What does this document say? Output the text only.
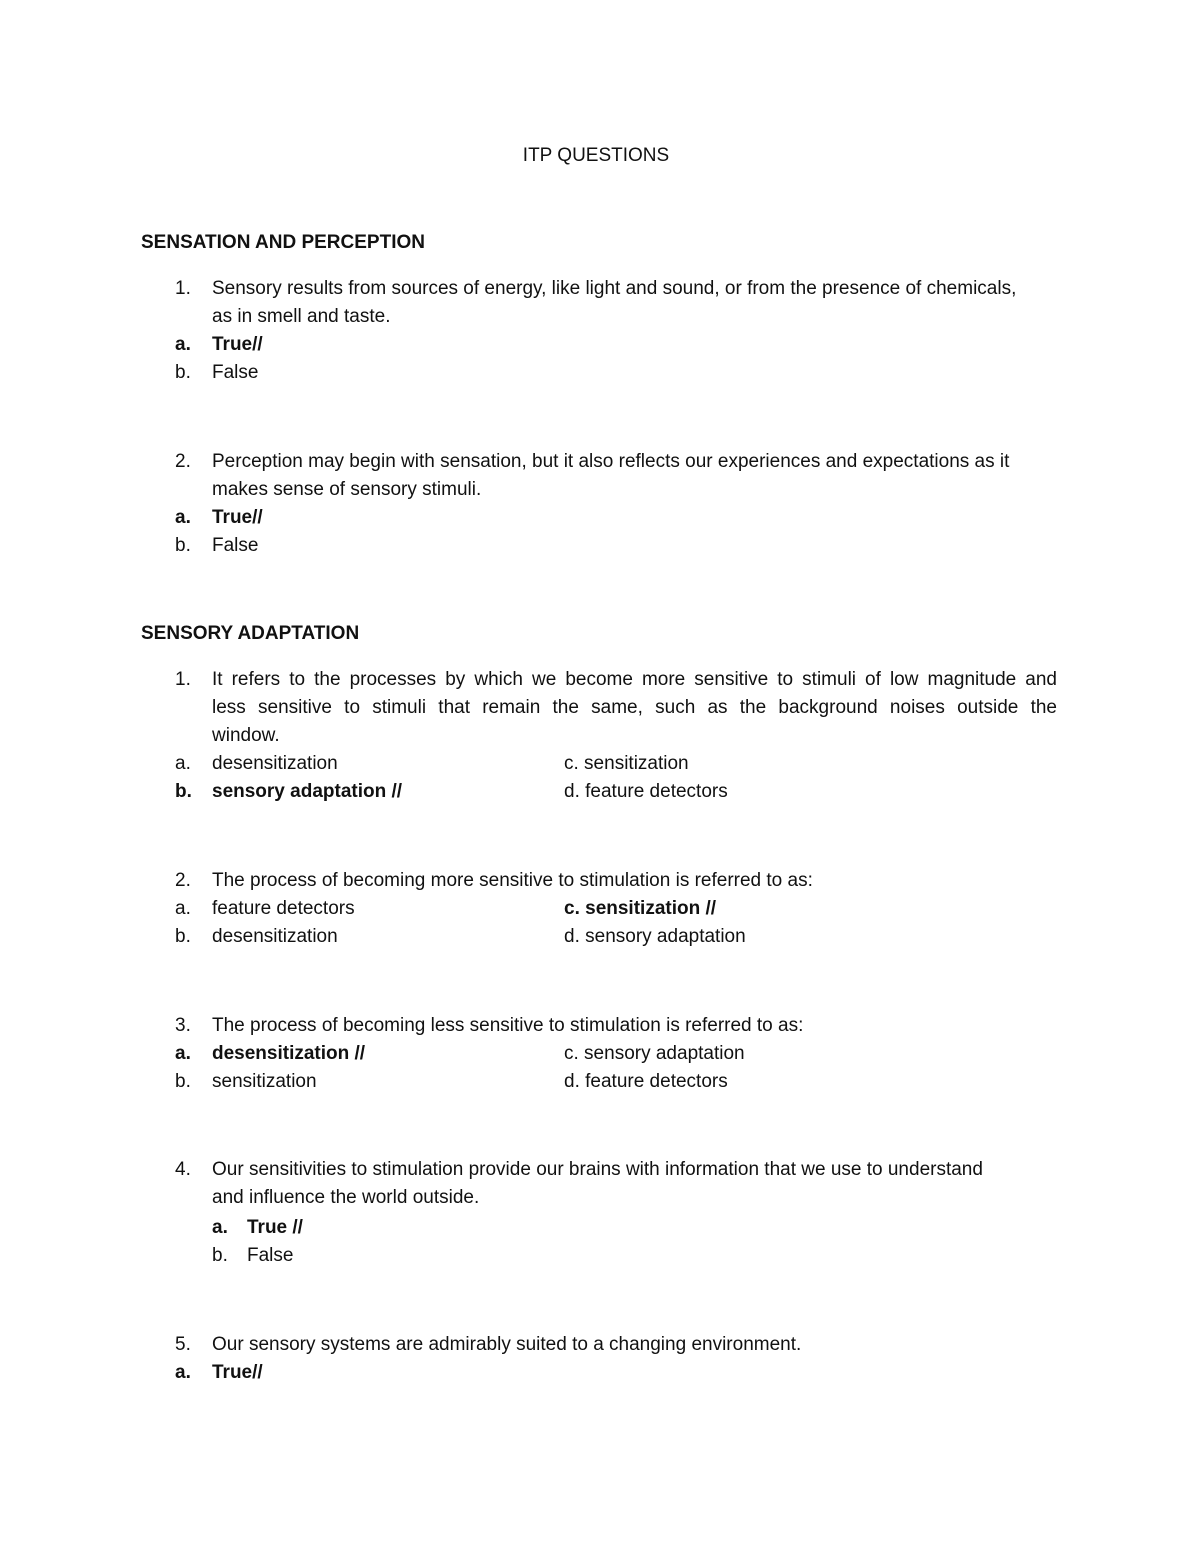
ITP QUESTIONS
SENSATION AND PERCEPTION
1. Sensory results from sources of energy, like light and sound, or from the presence of chemicals,
as in smell and taste.
a. True//
b. False
2. Perception may begin with sensation, but it also reflects our experiences and expectations as it
makes sense of sensory stimuli.
a. True//
b. False
SENSORY ADAPTATION
1. It refers to the processes by which we become more sensitive to stimuli of low magnitude and
less sensitive to stimuli that remain the same, such as the background noises outside the
window.
a. desensitization	c. sensitization
b. sensory adaptation //	d. feature detectors
2. The process of becoming more sensitive to stimulation is referred to as:
a. feature detectors	c. sensitization //
b. desensitization	d. sensory adaptation
3. The process of becoming less sensitive to stimulation is referred to as:
a. desensitization //	c. sensory adaptation
b. sensitization	d. feature detectors
4. Our sensitivities to stimulation provide our brains with information that we use to understand
and influence the world outside.
a. True //
b. False
5. Our sensory systems are admirably suited to a changing environment.
a. True//
